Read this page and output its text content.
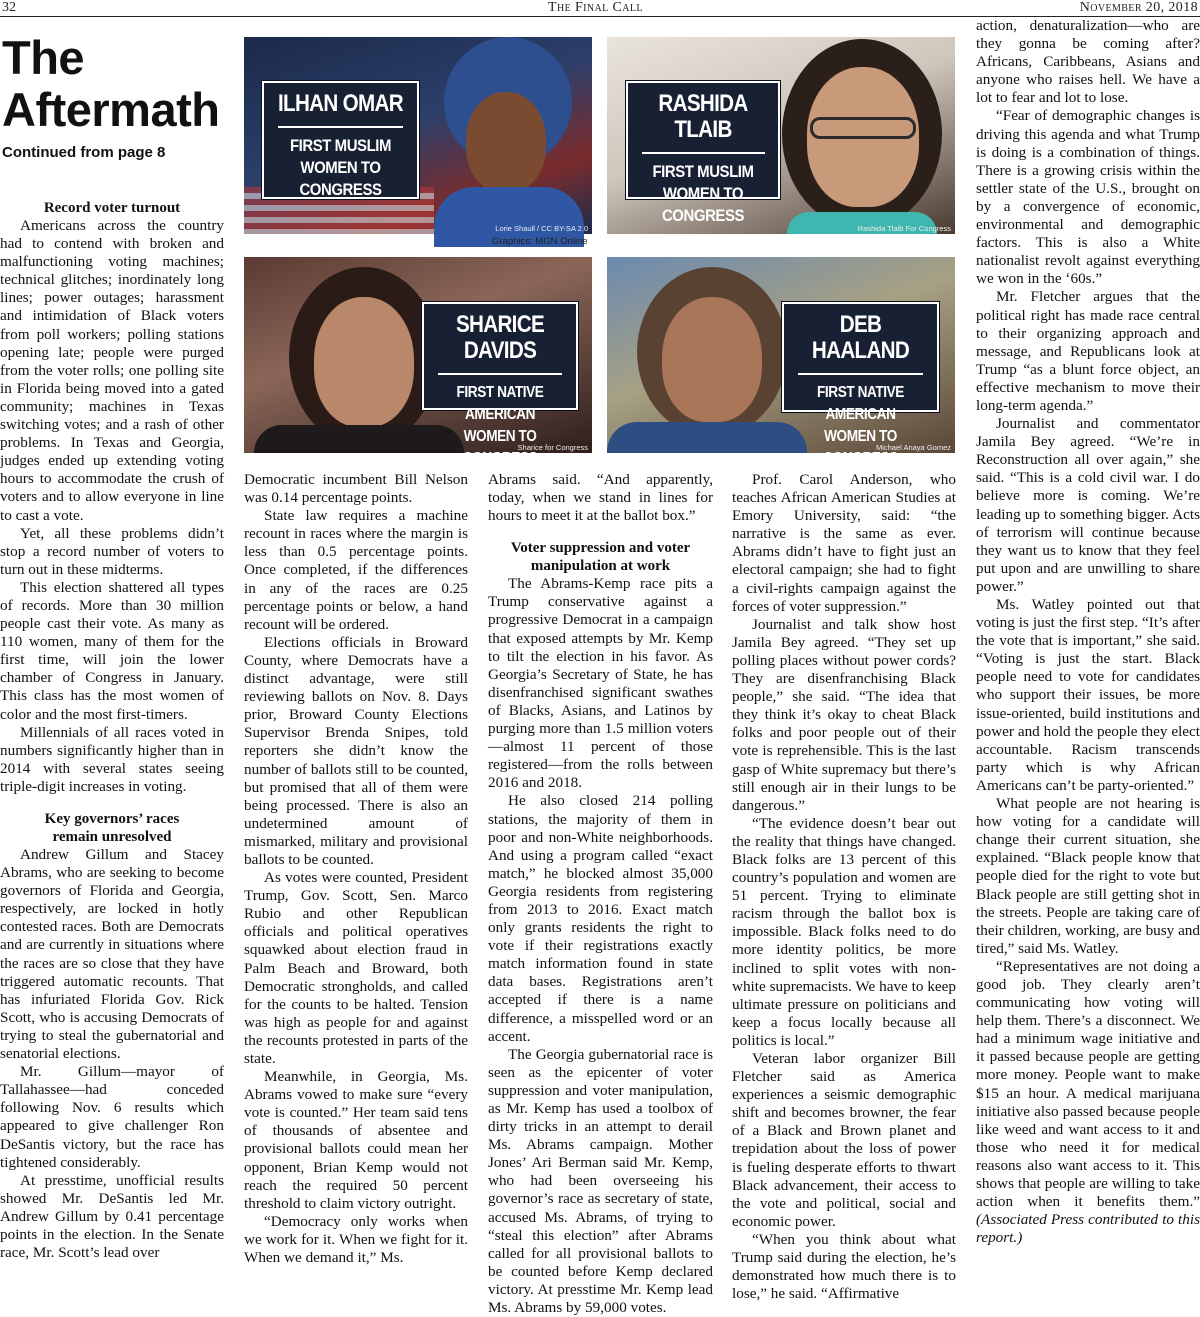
32	The Final Call	November 20, 2018
The
Aftermath
Continued from page 8
ILHAN OMAR
FIRST MUSLIM
WOMEN TO CONGRESS
Lorie Shaull / CC BY-SA 2.0
RASHIDA TLAIB
FIRST MUSLIM
WOMEN TO CONGRESS
Rashida Tlaib For Congress
SHARICE DAVIDS
FIRST NATIVE AMERICAN
WOMEN TO CONGRESS
Sharice for Congress
DEB HAALAND
FIRST NATIVE AMERICAN
WOMEN TO CONGRESS
Michael Anaya Gomez
Graphics: MGN Online
Record voter turnout

Americans across the country had to contend with broken and malfunctioning voting machines; technical glitches; inordinately long lines; power outages; harassment and intimidation of Black voters from poll workers; polling stations opening late; people were purged from the voter rolls; one polling site in Florida being moved into a gated community; machines in Texas switching votes; and a rash of other problems. In Texas and Georgia, judges ended up extending voting hours to accommodate the crush of voters and to allow everyone in line to cast a vote.

Yet, all these problems didn’t stop a record number of voters to turn out in these midterms.

This election shattered all types of records. More than 30 million people cast their vote. As many as 110 women, many of them for the first time, will join the lower chamber of Congress in January. This class has the most women of color and the most first-timers.

Millennials of all races voted in numbers significantly higher than in 2014 with several states seeing triple-digit increases in voting.

Key governors’ races
remain unresolved

Andrew Gillum and Stacey Abrams, who are seeking to become governors of Florida and Georgia, respectively, are locked in hotly contested races. Both are Democrats and are currently in situations where the races are so close that they have triggered automatic recounts. That has infuriated Florida Gov. Rick Scott, who is accusing Democrats of trying to steal the gubernatorial and senatorial elections.

Mr. Gillum—mayor of Tallahassee—had conceded following Nov. 6 results which appeared to give challenger Ron DeSantis victory, but the race has tightened considerably.

At presstime, unofficial results showed Mr. DeSantis led Mr. Andrew Gillum by 0.41 percentage points in the election. In the Senate race, Mr. Scott’s lead over

Democratic incumbent Bill Nelson was 0.14 percentage points.

State law requires a machine recount in races where the margin is less than 0.5 percentage points. Once completed, if the differences in any of the races are 0.25 percentage points or below, a hand recount will be ordered.

Elections officials in Broward County, where Democrats have a distinct advantage, were still reviewing ballots on Nov. 8. Days prior, Broward County Elections Supervisor Brenda Snipes, told reporters she didn’t know the number of ballots still to be counted, but promised that all of them were being processed. There is also an undetermined amount of mismarked, military and provisional ballots to be counted.

As votes were counted, President Trump, Gov. Scott, Sen. Marco Rubio and other Republican officials and political operatives squawked about election fraud in Palm Beach and Broward, both Democratic strongholds, and called for the counts to be halted. Tension was high as people for and against the recounts protested in parts of the state.

Meanwhile, in Georgia, Ms. Abrams vowed to make sure “every vote is counted.” Her team said tens of thousands of absentee and provisional ballots could mean her opponent, Brian Kemp would not reach the required 50 percent threshold to claim victory outright.

“Democracy only works when we work for it. When we fight for it. When we demand it,” Ms.

Abrams said. “And apparently, today, when we stand in lines for hours to meet it at the ballot box.”

Voter suppression and voter
manipulation at work

The Abrams-Kemp race pits a Trump conservative against a progressive Democrat in a campaign that exposed attempts by Mr. Kemp to tilt the election in his favor. As Georgia’s Secretary of State, he has disenfranchised significant swathes of Blacks, Asians, and Latinos by purging more than 1.5 million voters—almost 11 percent of those registered—from the rolls between 2016 and 2018.

He also closed 214 polling stations, the majority of them in poor and non-White neighborhoods. And using a program called “exact match,” he blocked almost 35,000 Georgia residents from registering from 2013 to 2016. Exact match only grants residents the right to vote if their registrations exactly match information found in state data bases. Registrations aren’t accepted if there is a name difference, a misspelled word or an accent.

The Georgia gubernatorial race is seen as the epicenter of voter suppression and voter manipulation, as Mr. Kemp has used a toolbox of dirty tricks in an attempt to derail Ms. Abrams campaign. Mother Jones’ Ari Berman said Mr. Kemp, who had been overseeing his governor’s race as secretary of state, accused Ms. Abrams, of trying to “steal this election” after Abrams called for all provisional ballots to be counted before Kemp declared victory. At presstime Mr. Kemp lead Ms. Abrams by 59,000 votes.

Prof. Carol Anderson, who teaches African American Studies at Emory University, said: “the narrative is the same as ever. Abrams didn’t have to fight just an electoral campaign; she had to fight a civil-rights campaign against the forces of voter suppression.”

Journalist and talk show host Jamila Bey agreed. “They set up polling places without power cords? They are disenfranchising Black people,” she said. “The idea that they think it’s okay to cheat Black folks and poor people out of their vote is reprehensible. This is the last gasp of White supremacy but there’s still enough air in their lungs to be dangerous.”

“The evidence doesn’t bear out the reality that things have changed. Black folks are 13 percent of this country’s population and women are 51 percent. Trying to eliminate racism through the ballot box is impossible. Black folks need to do more identity politics, be more inclined to split votes with non-white supremacists. We have to keep ultimate pressure on politicians and keep a focus locally because all politics is local.”

Veteran labor organizer Bill Fletcher said as America experiences a seismic demographic shift and becomes browner, the fear of a Black and Brown planet and trepidation about the loss of power is fueling desperate efforts to thwart Black advancement, their access to the vote and political, social and economic power.

“When you think about what Trump said during the election, he’s demonstrated how much there is to lose,” he said. “Affirmative

action, denaturalization—who are they gonna be coming after? Africans, Caribbeans, Asians and anyone who raises hell. We have a lot to fear and lot to lose.

“Fear of demographic changes is driving this agenda and what Trump is doing is a combination of things. There is a growing crisis within the settler state of the U.S., brought on by a convergence of economic, environmental and demographic factors. This is also a White nationalist revolt against everything we won in the ‘60s.”

Mr. Fletcher argues that the political right has made race central to their organizing approach and message, and Republicans look at Trump “as a blunt force object, an effective mechanism to move their long-term agenda.”

Journalist and commentator Jamila Bey agreed. “We’re in Reconstruction all over again,” she said. “This is a cold civil war. I do believe more is coming. We’re leading up to something bigger. Acts of terrorism will continue because they want us to know that they feel put upon and are unwilling to share power.”

Ms. Watley pointed out that voting is just the first step. “It’s after the vote that is important,” she said. “Voting is just the start. Black people need to vote for candidates who support their issues, be more issue-oriented, build institutions and power and hold the people they elect accountable. Racism transcends party which is why African Americans can’t be party-oriented.”

What people are not hearing is how voting for a candidate will change their current situation, she explained. “Black people know that people died for the right to vote but Black people are still getting shot in the streets. People are taking care of their children, working, are busy and tired,” said Ms. Watley.

“Representatives are not doing a good job. They clearly aren’t communicating how voting will help them. There’s a disconnect. We had a minimum wage initiative and it passed because people are getting more money. People want to make $15 an hour. A medical marijuana initiative also passed because people like weed and want access to it and those who need it for medical reasons also want access to it. This shows that people are willing to take action when it benefits them.” (Associated Press contributed to this report.)
